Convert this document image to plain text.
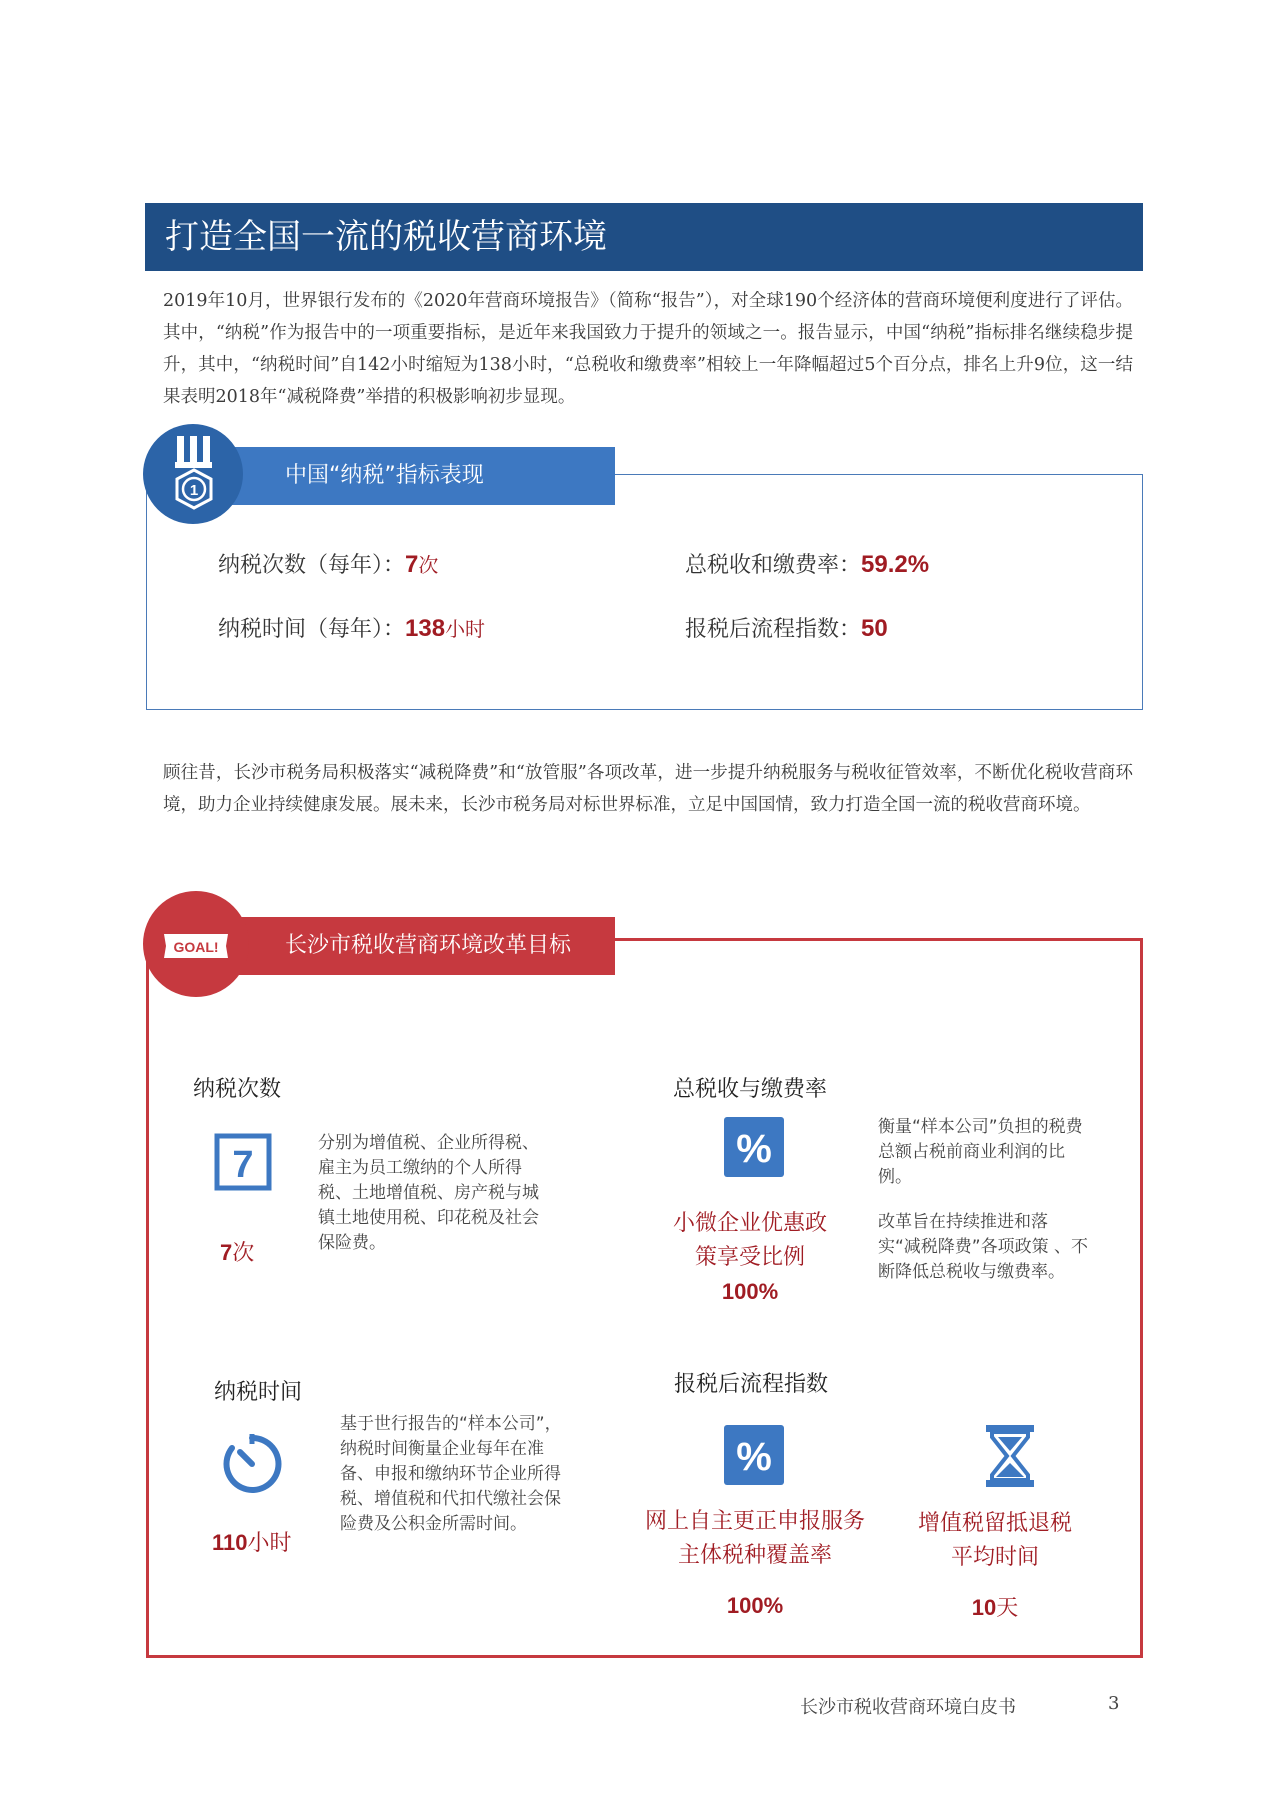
打造全国一流的税收营商环境
2019年10月，世界银行发布的《2020年营商环境报告》（简称“报告”），对全球190个经济体的营商环境便利度进行了评估。其中，“纳税”作为报告中的一项重要指标，是近年来我国致力于提升的领域之一。报告显示，中国“纳税”指标排名继续稳步提升，其中，“纳税时间”自142小时缩短为138小时，“总税收和缴费率”相较上一年降幅超过5个百分点，排名上升9位，这一结果表明2018年“减税降费”举措的积极影响初步显现。
中国“纳税”指标表现
1
纳税次数（每年）：7次	总税收和缴费率：59.2%
纳税时间（每年）：138小时	报税后流程指数：50
顾往昔，长沙市税务局积极落实“减税降费”和“放管服”各项改革，进一步提升纳税服务与税收征管效率，不断优化税收营商环境，助力企业持续健康发展。展未来，长沙市税务局对标世界标准，立足中国国情，致力打造全国一流的税收营商环境。
长沙市税收营商环境改革目标
GOAL!
纳税次数
7
7次
分别为增值税、企业所得税、雇主为员工缴纳的个人所得税、土地增值税、房产税与城镇土地使用税、印花税及社会保险费。
总税收与缴费率
%
小微企业优惠政
策享受比例
100%
衡量“样本公司”负担的税费总额占税前商业利润的比例。
改革旨在持续推进和落实“减税降费”各项政策 、不断降低总税收与缴费率。
纳税时间
110小时
基于世行报告的“样本公司”，纳税时间衡量企业每年在准备、申报和缴纳环节企业所得税、增值税和代扣代缴社会保险费及公积金所需时间。
报税后流程指数
%
网上自主更正申报服务
主体税种覆盖率
100%
增值税留抵退税
平均时间
10天
长沙市税收营商环境白皮书	3
